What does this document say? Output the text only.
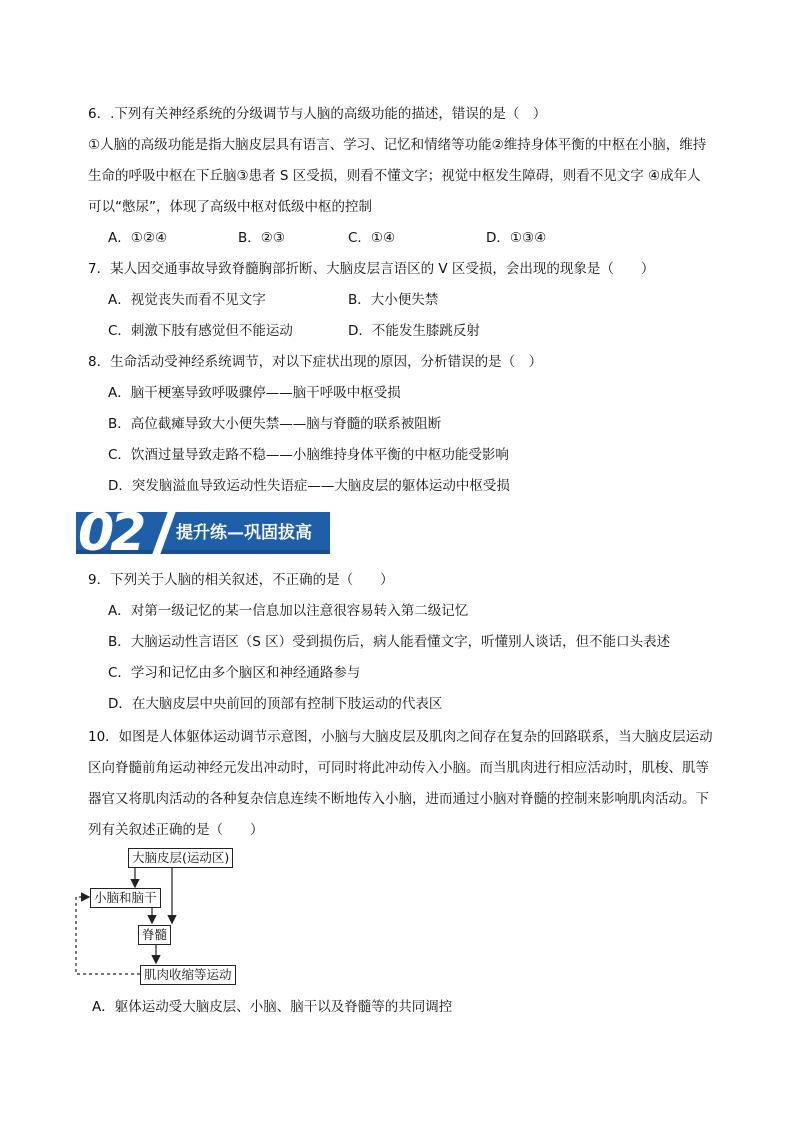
6．.下列有关神经系统的分级调节与人脑的高级功能的描述，错误的是（　）
①人脑的高级功能是指大脑皮层具有语言、学习、记忆和情绪等功能②维持身体平衡的中枢在小脑，维持
生命的呼吸中枢在下丘脑③患者 S 区受损，则看不懂文字；视觉中枢发生障碍，则看不见文字 ④成年人
可以“憋尿”，体现了高级中枢对低级中枢的控制
A．①②④	B．②③	C．①④	D．①③④
7．某人因交通事故导致脊髓胸部折断、大脑皮层言语区的 V 区受损，会出现的现象是（　　）
A．视觉丧失而看不见文字	B．大小便失禁
C．刺激下肢有感觉但不能运动	D．不能发生膝跳反射
8．生命活动受神经系统调节，对以下症状出现的原因，分析错误的是（　）
A．脑干梗塞导致呼吸骤停——脑干呼吸中枢受损
B．高位截瘫导致大小便失禁——脑与脊髓的联系被阻断
C．饮酒过量导致走路不稳——小脑维持身体平衡的中枢功能受影响
D．突发脑溢血导致运动性失语症——大脑皮层的躯体运动中枢受损
02 提升练—巩固拔高
9．下列关于人脑的相关叙述，不正确的是（　　）
A．对第一级记忆的某一信息加以注意很容易转入第二级记忆
B．大脑运动性言语区（S 区）受到损伤后，病人能看懂文字，听懂别人谈话，但不能口头表述
C．学习和记忆由多个脑区和神经通路参与
D．在大脑皮层中央前回的顶部有控制下肢运动的代表区
10．如图是人体躯体运动调节示意图，小脑与大脑皮层及肌肉之间存在复杂的回路联系，当大脑皮层运动
区向脊髓前角运动神经元发出冲动时，可同时将此冲动传入小脑。而当肌肉进行相应活动时，肌梭、肌等
器官又将肌肉活动的各种复杂信息连续不断地传入小脑，进而通过小脑对脊髓的控制来影响肌肉活动。下
列有关叙述正确的是（　　）
大脑皮层(运动区)
小脑和脑干
脊髓
肌肉收缩等运动
A．躯体运动受大脑皮层、小脑、脑干以及脊髓等的共同调控
